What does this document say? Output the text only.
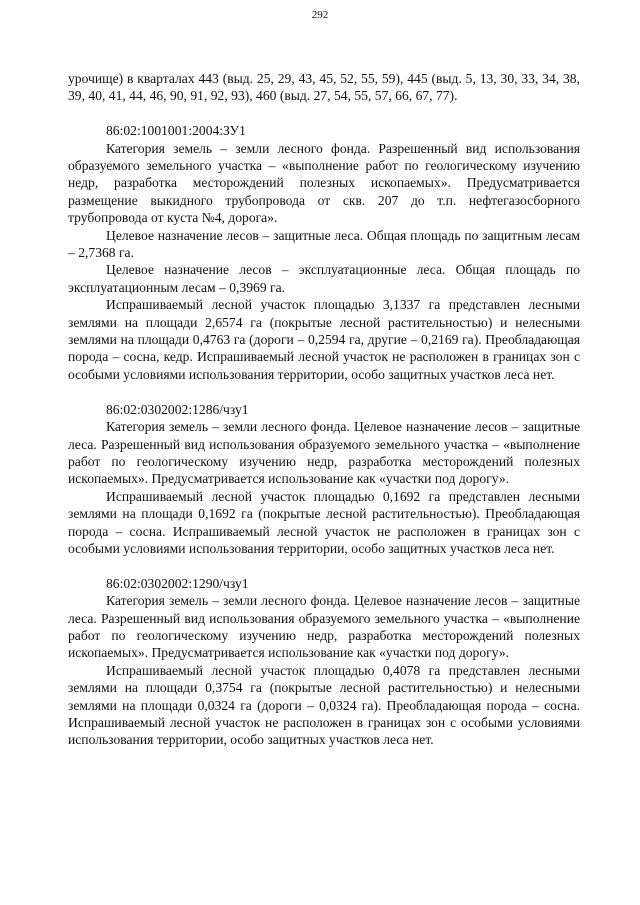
292

урочище) в кварталах 443 (выд. 25, 29, 43, 45, 52, 55, 59), 445 (выд. 5, 13, 30, 33, 34, 38, 39, 40, 41, 44, 46, 90, 91, 92, 93), 460 (выд. 27, 54, 55, 57, 66, 67, 77).

86:02:1001001:2004:ЗУ1

Категория земель – земли лесного фонда. Разрешенный вид использования образуемого земельного участка – «выполнение работ по геологическому изучению недр, разработка месторождений полезных ископаемых». Предусматривается размещение выкидного трубопровода от скв. 207 до т.п. нефтегазосборного трубопровода от куста №4, дорога».

Целевое назначение лесов – защитные леса. Общая площадь по защитным лесам – 2,7368 га.

Целевое назначение лесов – эксплуатационные леса. Общая площадь по эксплуатационным лесам – 0,3969 га.

Испрашиваемый лесной участок площадью 3,1337 га представлен лесными землями на площади 2,6574 га (покрытые лесной растительностью) и нелесными землями на площади 0,4763 га (дороги – 0,2594 га, другие – 0,2169 га). Преобладающая порода – сосна, кедр. Испрашиваемый лесной участок не расположен в границах зон с особыми условиями использования территории, особо защитных участков леса нет.

86:02:0302002:1286/чзу1

Категория земель – земли лесного фонда. Целевое назначение лесов – защитные леса. Разрешенный вид использования образуемого земельного участка – «выполнение работ по геологическому изучению недр, разработка месторождений полезных ископаемых». Предусматривается использование как «участки под дорогу».

Испрашиваемый лесной участок площадью 0,1692 га представлен лесными землями на площади 0,1692 га (покрытые лесной растительностью). Преобладающая порода – сосна. Испрашиваемый лесной участок не расположен в границах зон с особыми условиями использования территории, особо защитных участков леса нет.

86:02:0302002:1290/чзу1

Категория земель – земли лесного фонда. Целевое назначение лесов – защитные леса. Разрешенный вид использования образуемого земельного участка – «выполнение работ по геологическому изучению недр, разработка месторождений полезных ископаемых». Предусматривается использование как «участки под дорогу».

Испрашиваемый лесной участок площадью 0,4078 га представлен лесными землями на площади 0,3754 га (покрытые лесной растительностью) и нелесными землями на площади 0,0324 га (дороги – 0,0324 га). Преобладающая порода – сосна. Испрашиваемый лесной участок не расположен в границах зон с особыми условиями использования территории, особо защитных участков леса нет.
